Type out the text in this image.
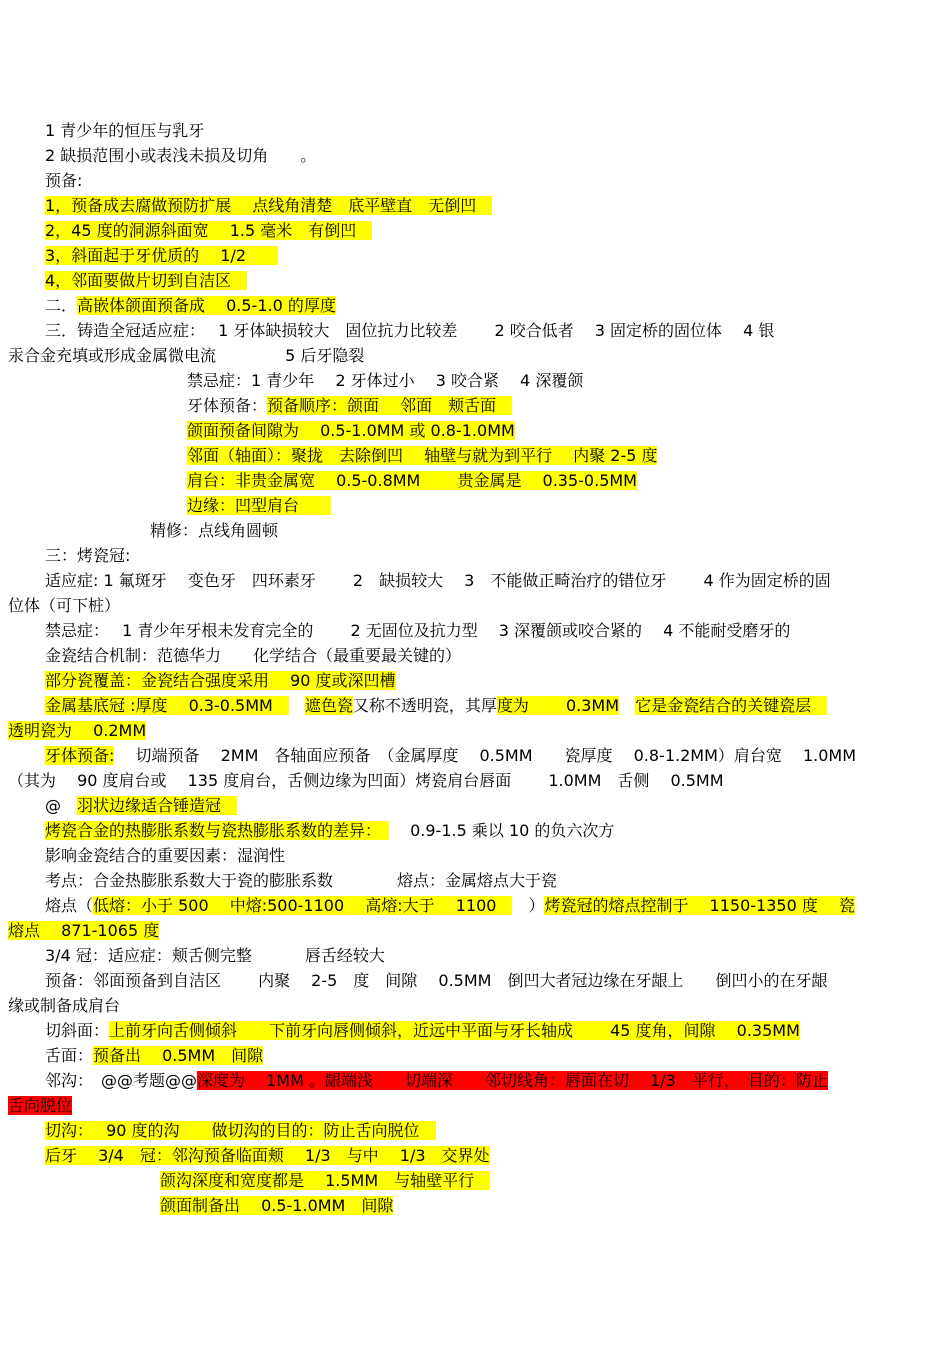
1 青少年的恒压与乳牙
2 缺损范围小或表浅未损及切角　　。
预备:
1，预备成去腐做预防扩展　 点线角清楚　底平壁直　无倒凹　
2，45 度的洞源斜面宽　 1.5 毫米　有倒凹　
3，斜面起于牙优质的　 1/2　　
4，邻面要做片切到自洁区　
二．高嵌体颌面预备成　 0.5-1.0 的厚度
三．铸造全冠适应症：　 1 牙体缺损较大　固位抗力比较差　　 2 咬合低者　 3 固定桥的固位体　 4 银
汞合金充填或形成金属微电流　　　　 5 后牙隐裂
禁忌症：1 青少年　 2 牙体过小　 3 咬合紧　 4 深覆颌
牙体预备：预备顺序：颌面　 邻面　颊舌面　
颌面预备间隙为　 0.5-1.0MM 或 0.8-1.0MM
邻面（轴面）：聚拢　去除倒凹　 轴壁与就为到平行　 内聚 2-5 度
肩台：非贵金属宽　 0.5-0.8MM　　 贵金属是　 0.35-0.5MM
边缘：凹型肩台　　
精修：点线角圆顿
三：烤瓷冠:
适应症: 1 氟斑牙　 变色牙　四环素牙　　 2　缺损较大　 3　不能做正畸治疗的错位牙　　 4 作为固定桥的固
位体（可下桩）
禁忌症：　 1 青少年牙根未发育完全的　　 2 无固位及抗力型　 3 深覆颌或咬合紧的　 4 不能耐受磨牙的
金瓷结合机制：范德华力　　化学结合（最重要最关键的）
部分瓷覆盖：金瓷结合强度采用　 90 度或深凹槽
金属基底冠 :厚度　 0.3-0.5MM　　遮色瓷又称不透明瓷，其厚度为　　 0.3MM　 它是金瓷结合的关键瓷层　
透明瓷为　 0.2MM
牙体预备:　 切端预备　 2MM　各轴面应预备　（金属厚度　 0.5MM　　瓷厚度　 0.8-1.2MM）肩台宽　 1.0MM
（其为　 90 度肩台或　 135 度肩台，舌侧边缘为凹面）烤瓷肩台唇面　　 1.0MM　舌侧　 0.5MM
@　羽状边缘适合锤造冠　
烤瓷合金的热膨胀系数与瓷热膨胀系数的差异：　　 0.9-1.5 乘以 10 的负六次方
影响金瓷结合的重要因素：湿润性
考点：合金热膨胀系数大于瓷的膨胀系数　　　　熔点：金属熔点大于瓷
熔点（低熔：小于 500　 中熔:500-1100　 高熔:大于　 1100　　）烤瓷冠的熔点控制于　 1150-1350 度　 瓷
熔点　 871-1065 度
3/4 冠：适应症：颊舌侧完整　　　 唇舌经较大
预备：邻面预备到自洁区　　 内聚　 2-5　度　间隙　 0.5MM　倒凹大者冠边缘在牙龈上　　倒凹小的在牙龈
缘或制备成肩台
切斜面：上前牙向舌侧倾斜　　下前牙向唇侧倾斜，近远中平面与牙长轴成　　 45 度角，间隙　 0.35MM
舌面：预备出　 0.5MM　间隙
邻沟：　@@考题@@深度为　 1MM 。龈端浅　　切端深　　邻切线角：唇面在切　 1/3　平行，　目的：防止
舌向脱位
切沟：　 90 度的沟　　做切沟的目的：防止舌向脱位　
后牙　 3/4　冠：邻沟预备临面颊　 1/3　与中　 1/3　交界处
颌沟深度和宽度都是　 1.5MM　与轴壁平行　
颌面制备出　 0.5-1.0MM　间隙
